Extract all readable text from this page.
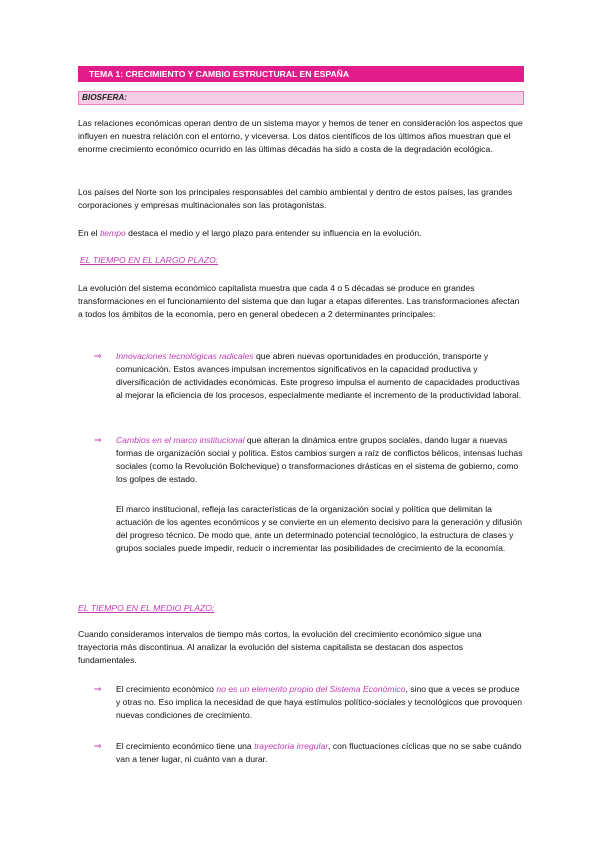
TEMA 1: CRECIMIENTO Y CAMBIO ESTRUCTURAL EN ESPAÑA
BIOSFERA:

Las relaciones económicas operan dentro de un sistema mayor y hemos de tener en consideración los aspectos que influyen en nuestra relación con el entorno, y viceversa. Los datos científicos de los últimos años muestran que el enorme crecimiento económico ocurrido en las últimas décadas ha sido a costa de la degradación ecológica.

Los países del Norte son los principales responsables del cambio ambiental y dentro de estos países, las grandes corporaciones y empresas multinacionales son las protagonistas.

En el tiempo destaca el medio y el largo plazo para entender su influencia en la evolución.

EL TIEMPO EN EL LARGO PLAZO:

La evolución del sistema económico capitalista muestra que cada 4 o 5 décadas se produce en grandes transformaciones en el funcionamiento del sistema que dan lugar a etapas diferentes. Las transformaciones afectan a todos los ámbitos de la economía, pero en general obedecen a 2 determinantes principales:

⇒ Innovaciones tecnológicas radicales que abren nuevas oportunidades en producción, transporte y comunicación. Estos avances impulsan incrementos significativos en la capacidad productiva y diversificación de actividades económicas. Este progreso impulsa el aumento de capacidades productivas al mejorar la eficiencia de los procesos, especialmente mediante el incremento de la productividad laboral.

⇒ Cambios en el marco institucional que alteran la dinámica entre grupos sociales, dando lugar a nuevas formas de organización social y política. Estos cambios surgen a raíz de conflictos bélicos, intensas luchas sociales (como la Revolución Bolchevique) o transformaciones drásticas en el sistema de gobierno, como los golpes de estado.

El marco institucional, refleja las características de la organización social y política que delimitan la actuación de los agentes económicos y se convierte en un elemento decisivo para la generación y difusión del progreso técnico. De modo que, ante un determinado potencial tecnológico, la estructura de clases y grupos sociales puede impedir, reducir o incrementar las posibilidades de crecimiento de la economía.

EL TIEMPO EN EL MEDIO PLAZO:

Cuando consideramos intervalos de tiempo más cortos, la evolución del crecimiento económico sigue una trayectoria más discontinua. Al analizar la evolución del sistema capitalista se destacan dos aspectos fundamentales.

⇒ El crecimiento económico no es un elemento propio del Sistema Económico, sino que a veces se produce y otras no. Eso implica la necesidad de que haya estímulos político-sociales y tecnológicos que provoquen nuevas condiciones de crecimiento.

⇒ El crecimiento económico tiene una trayectoria irregular, con fluctuaciones cíclicas que no se sabe cuándo van a tener lugar, ni cuánto van a durar.
